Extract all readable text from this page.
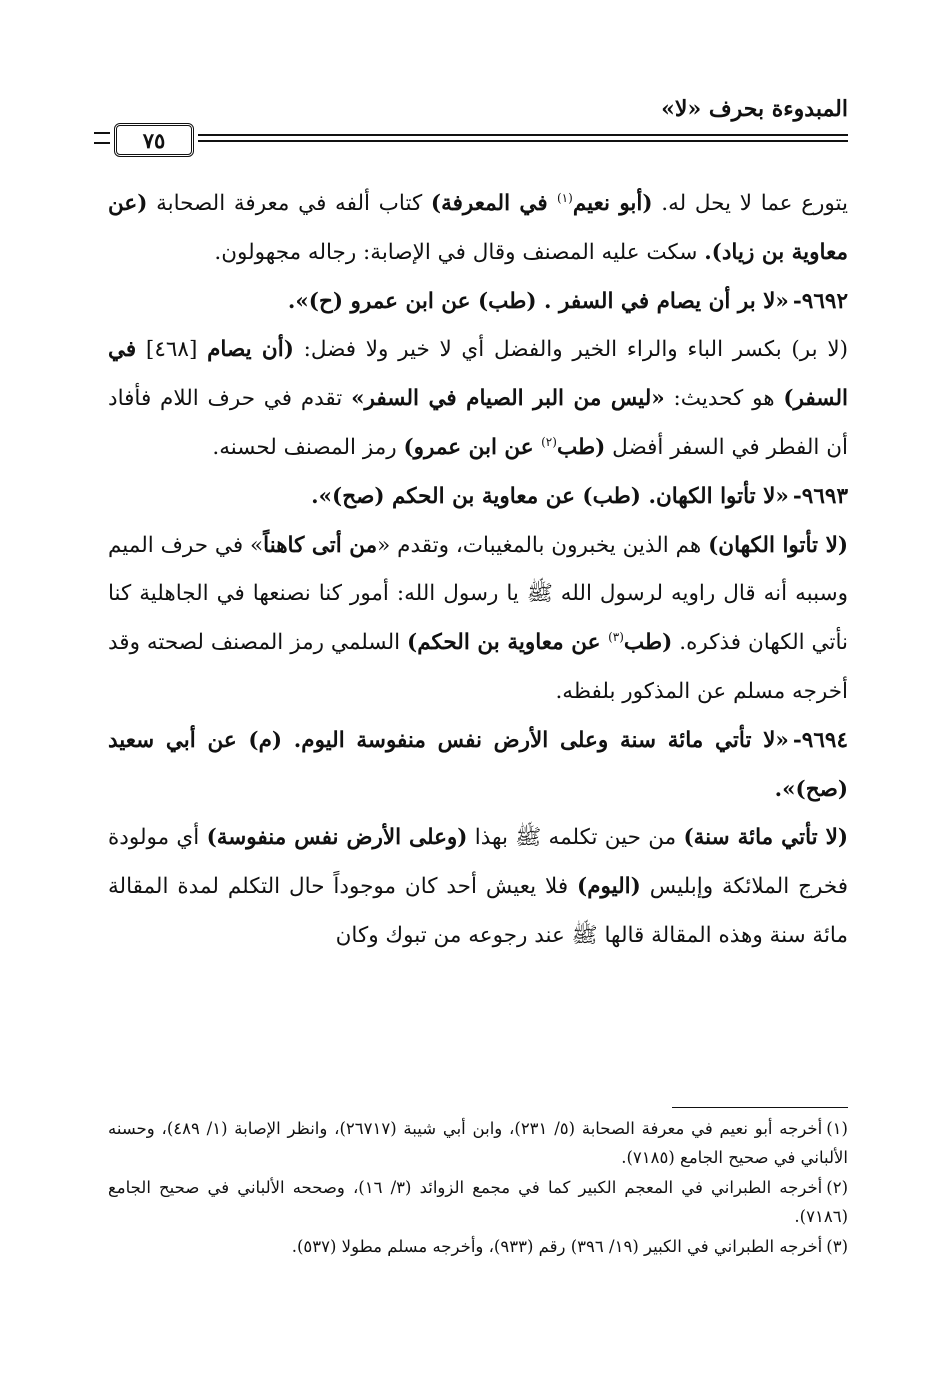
المبدوءة بحرف «لا»
٧٥

يتورع عما لا يحل له. (أبو نعيم$^{(١)}$ في المعرفة) كتاب ألفه في معرفة الصحابة (عن معاوية بن زياد). سكت عليه المصنف وقال في الإصابة: رجاله مجهولون.

٩٦٩٢-«لا بر أن يصام في السفر . (طب) عن ابن عمرو (ح)».

(لا بر) بكسر الباء والراء الخير والفضل أي لا خير ولا فضل: (أن يصام [٤٦٨] في السفر) هو كحديث: «ليس من البر الصيام في السفر» تقدم في حرف اللام فأفاد أن الفطر في السفر أفضل (طب$^{(٢)}$ عن ابن عمرو) رمز المصنف لحسنه.

٩٦٩٣-«لا تأتوا الكهان. (طب) عن معاوية بن الحكم (صح)».

(لا تأتوا الكهان) هم الذين يخبرون بالمغيبات، وتقدم «من أتى كاهناً» في حرف الميم وسببه أنه قال راويه لرسول الله ﷺ يا رسول الله: أمور كنا نصنعها في الجاهلية كنا نأتي الكهان فذكره. (طب$^{(٣)}$ عن معاوية بن الحكم) السلمي رمز المصنف لصحته وقد أخرجه مسلم عن المذكور بلفظه.

٩٦٩٤-«لا تأتي مائة سنة وعلى الأرض نفس منفوسة اليوم. (م) عن أبي سعيد (صح)».

(لا تأتي مائة سنة) من حين تكلمه ﷺ بهذا (وعلى الأرض نفس منفوسة) أي مولودة فخرج الملائكة وإبليس (اليوم) فلا يعيش أحد كان موجوداً حال التكلم لمدة المقالة مائة سنة وهذه المقالة قالها ﷺ عند رجوعه من تبوك وكان

(١)أخرجه أبو نعيم في معرفة الصحابة (٥/ ٢٣١)، وابن أبي شيبة (٢٦٧١٧)، وانظر الإصابة (١/ ٤٨٩)، وحسنه الألباني في صحيح الجامع (٧١٨٥).

(٢)أخرجه الطبراني في المعجم الكبير كما في مجمع الزوائد (٣/ ١٦)، وصححه الألباني في صحيح الجامع (٧١٨٦).

(٣)أخرجه الطبراني في الكبير (١٩/ ٣٩٦) رقم (٩٣٣)، وأخرجه مسلم مطولا (٥٣٧).
